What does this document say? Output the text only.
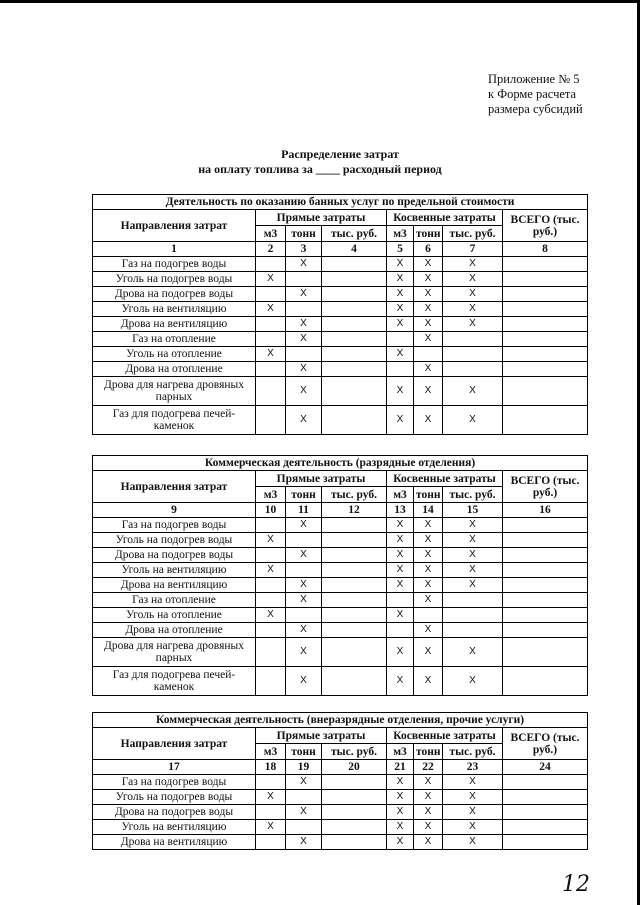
Приложение № 5
к Форме расчета
размера субсидий
Распределение затрат
на оплату топлива за ____ расходный период
Деятельность по оказанию банных услуг по предельной стоимости							
Направления затрат	Прямые затраты			Косвенные затраты			ВСЕГО (тыс. руб.)
	м3	тонн	тыс. руб.	м3	тонн	тыс. руб.	
1	2	3	4	5	6	7	8
Газ на подогрев воды		Х		Х	Х	Х	
Уголь на подогрев воды	Х			Х	Х	Х	
Дрова на подогрев воды		Х		Х	Х	Х	
Уголь на вентиляцию	Х			Х	Х	Х	
Дрова на вентиляцию		Х		Х	Х	Х	
Газ на отопление		Х			Х		
Уголь на отопление	Х			Х			
Дрова на отопление		Х			Х		
Дрова для нагрева дровяных парных		Х		Х	Х	Х	
Газ для подогрева печей-каменок		Х		Х	Х	Х	
Коммерческая деятельность (разрядные отделения)							
Направления затрат	Прямые затраты			Косвенные затраты			ВСЕГО (тыс. руб.)
	м3	тонн	тыс. руб.	м3	тонн	тыс. руб.	
9	10	11	12	13	14	15	16
Газ на подогрев воды		Х		Х	Х	Х	
Уголь на подогрев воды	Х			Х	Х	Х	
Дрова на подогрев воды		Х		Х	Х	Х	
Уголь на вентиляцию	Х			Х	Х	Х	
Дрова на вентиляцию		Х		Х	Х	Х	
Газ на отопление		Х			Х		
Уголь на отопление	Х			Х			
Дрова на отопление		Х			Х		
Дрова для нагрева дровяных парных		Х		Х	Х	Х	
Газ для подогрева печей-каменок		Х		Х	Х	Х	
Коммерческая деятельность (внеразрядные отделения, прочие услуги)							
Направления затрат	Прямые затраты			Косвенные затраты			ВСЕГО (тыс. руб.)
	м3	тонн	тыс. руб.	м3	тонн	тыс. руб.	
17	18	19	20	21	22	23	24
Газ на подогрев воды		Х		Х	Х	Х	
Уголь на подогрев воды	Х			Х	Х	Х	
Дрова на подогрев воды		Х		Х	Х	Х	
Уголь на вентиляцию	Х			Х	Х	Х	
Дрова на вентиляцию		Х		Х	Х	Х	
12
